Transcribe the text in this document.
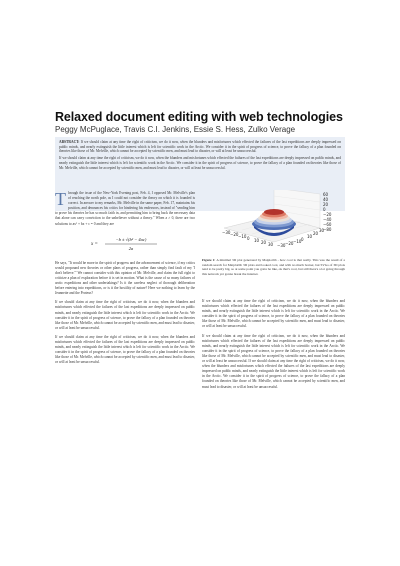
Relaxed document editing with web technologies
Peggy McPuglace, Travis C.I. Jenkins, Essie S. Hess, Zulko Verage

ABSTRACT: If we should claim at any time the right of criticism, we do it now, when the blunders and misfortunes which effected the failures of the last expeditions are deeply impressed on public minds, and nearly extinguish the little interest which is left for scientific work in the Arctic. We consider it in the spirit of progress of science, to prove the fallacy of a plan founded on theories like those of Mr. Melville, which cannot be accepted by scientific men, and must lead to disaster, or will at least be unsuccessful.

If we should claim at any time the right of criticism, we do it now, when the blunders and misfortunes which effected the failures of the last expeditions are deeply impressed on public minds, and nearly extinguish the little interest which is left for scientific work in the Arctic. We consider it in the spirit of progress of science, to prove the fallacy of a plan founded on theories like those of Mr. Melville, which cannot be accepted by scientific men, and must lead to disaster, or will at least be unsuccessful.

T hrough the issue of the New-York Evening post, Feb. 4, I opposed Mr. Melville's plan of reaching the north pole, as I could not consider the theory on which it is founded is correct. In answer to my remarks, Mr. Melville in the same paper, Feb. 17, maintains his position, and denounces his critics for hindering his endeavors, instead of "sending him to prove his theories he has so much faith in, and permitting him to bring back the necessary data that alone can carry conviction to the unbeliever without a theory." When a ≠ 0, there are two solutions to ax² + bx + c = 0 and they are

x =
−b ± √(b² − 4ac)
2a

He says, "It would be more in the spirit of progress and the advancement of science, if my critics would propound new theories or other plans of progress, rather than simply find fault of my 'I don't believe.'" We cannot consider with this opinion of Mr. Melville, and claim the full right to criticize a plan of exploration before it is set in motion. What is the cause of so many failures of arctic expeditions and other undertakings? Is it the careless neglect of thorough deliberation before entering into expeditions, or is it the hostility of nature? Here we nothing to learn by the Jeannette and the Proteus?

If we should claim at any time the right of criticism, we do it now, when the blunders and misfortunes which effected the failures of the last expeditions are deeply impressed on public minds, and nearly extinguish the little interest which is left for scientific work in the Arctic. We consider it in the spirit of progress of science, to prove the fallacy of a plan founded on theories like those of Mr. Melville, which cannot be accepted by scientific men, and must lead to disaster, or will at least be unsuccessful.

If we should claim at any time the right of criticism, we do it now, when the blunders and misfortunes which effected the failures of the last expeditions are deeply impressed on public minds, and nearly extinguish the little interest which is left for scientific work in the Arctic. We consider it in the spirit of progress of science, to prove the fallacy of a plan founded on theories like those of Mr. Melville, which cannot be accepted by scientific men, and must lead to disaster, or will at least be unsuccessful.

60
40
20
0
−20
−40
−60
−80
−30 −20 −10 0 10 20 30 −30 −20 −10 0
10
20
30
Figure 1: A minimal 3D plot generated by Matplotlib - how cool is that really. This was the result of a random search for Matplotlib 3D plots and looked cool, and with no much borner, but SVGs of 3D plots tend to be pretty big, so at some point you gotta be like, ok that's cool, but still there's a lot going through this network yet gonna break the internet.

If we should claim at any time the right of criticism, we do it now, when the blunders and misfortunes which effected the failures of the last expeditions are deeply impressed on public minds, and nearly extinguish the little interest which is left for scientific work in the Arctic. We consider it in the spirit of progress of science, to prove the fallacy of a plan founded on theories like those of Mr. Melville, which cannot be accepted by scientific men, and must lead to disaster, or will at least be unsuccessful.

If we should claim at any time the right of criticism, we do it now, when the blunders and misfortunes which effected the failures of the last expeditions are deeply impressed on public minds, and nearly extinguish the little interest which is left for scientific work in the Arctic. We consider it in the spirit of progress of science, to prove the fallacy of a plan founded on theories like those of Mr. Melville, which cannot be accepted by scientific men, and must lead to disaster, or will at least be unsuccessful. If we should claim at any time the right of criticism, we do it now, when the blunders and misfortunes which effected the failures of the last expeditions are deeply impressed on public minds, and nearly extinguish the little interest which is left for scientific work in the Arctic. We consider it in the spirit of progress of science, to prove the fallacy of a plan founded on theories like those of Mr. Melville, which cannot be accepted by scientific men, and must lead to disaster, or will at least be unsuccessful.
